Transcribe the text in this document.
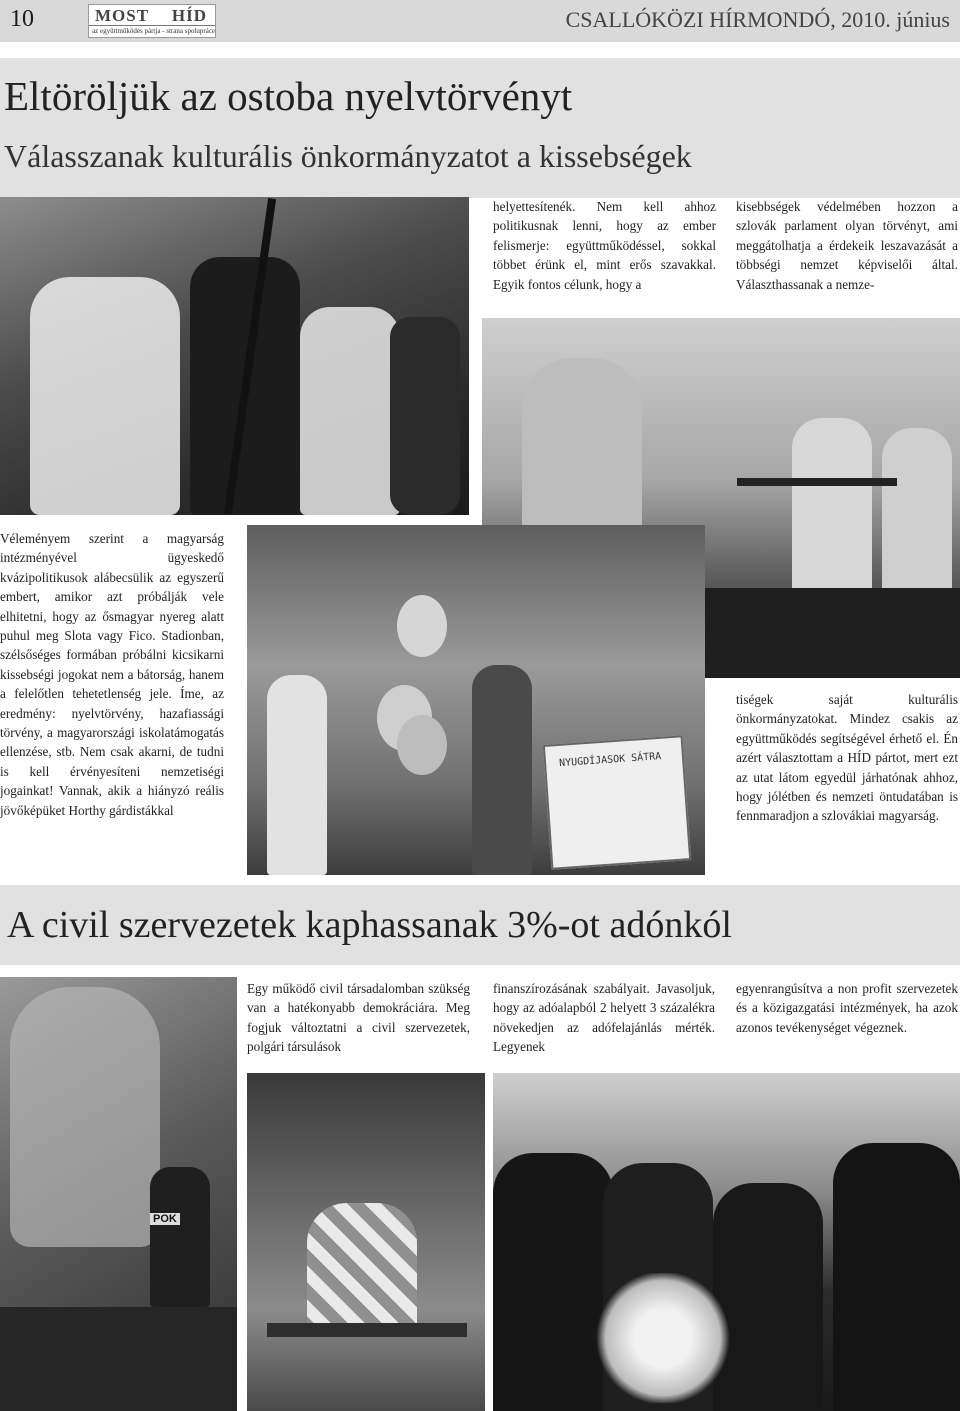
10	MOST HÍD
az együttműködés pártja - strana spolupráce	CSALLÓKÖZI HÍRMONDÓ, 2010. június
Eltöröljük az ostoba nyelvtörvényt
Válasszanak kulturális önkormányzatot a kissebségek
helyettesítenék. Nem kell ahhoz politikusnak lenni, hogy az ember felismerje: együttműködéssel, sokkal többet érünk el, mint erős szavakkal. Egyik fontos célunk, hogy a
kisebbségek védelmében hozzon a szlovák parlament olyan törvényt, ami meggátolhatja a érdekeik leszavazását a többségi nemzet képviselői által. Választhassanak a nemze-
Véleményem szerint a magyarság intézményével ügyeskedő kvázipolitikusok alábecsülik az egyszerű embert, amikor azt próbálják vele elhitetni, hogy az ősmagyar nyereg alatt puhul meg Slota vagy Fico. Stadionban, szélsőséges formában próbálni kicsikarni kissebségi jogokat nem a bátorság, hanem a felelőtlen tehetetlenség jele. Íme, az eredmény: nyelvtörvény, hazafiassági törvény, a magyarországi iskolatámogatás ellenzése, stb. Nem csak akarni, de tudni is kell érvényesíteni nemzetiségi jogainkat! Vannak, akik a hiányzó reális jövőképüket Horthy gárdistákkal
NYUGDÍJASOK SÁTRA
tiségek saját kulturális önkormányzatokat. Mindez csakis az együttműködés segítségével érhető el. Én azért választottam a HÍD pártot, mert ezt az utat látom egyedül járhatónak ahhoz, hogy jólétben és nemzeti öntudatában is fennmaradjon a szlovákiai magyarság.
A civil szervezetek kaphassanak 3%-ot adónkól
POK
Egy működő civil társadalomban szükség van a hatékonyabb demokráciára. Meg fogjuk változtatni a civil szervezetek, polgári társulások
finanszírozásának szabályait. Javasoljuk, hogy az adóalapból 2 helyett 3 százalékra növekedjen az adófelajánlás mérték. Legyenek
egyenrangúsítva a non profit szervezetek és a közigazgatási intézmények, ha azok azonos tevékenységet végeznek.
